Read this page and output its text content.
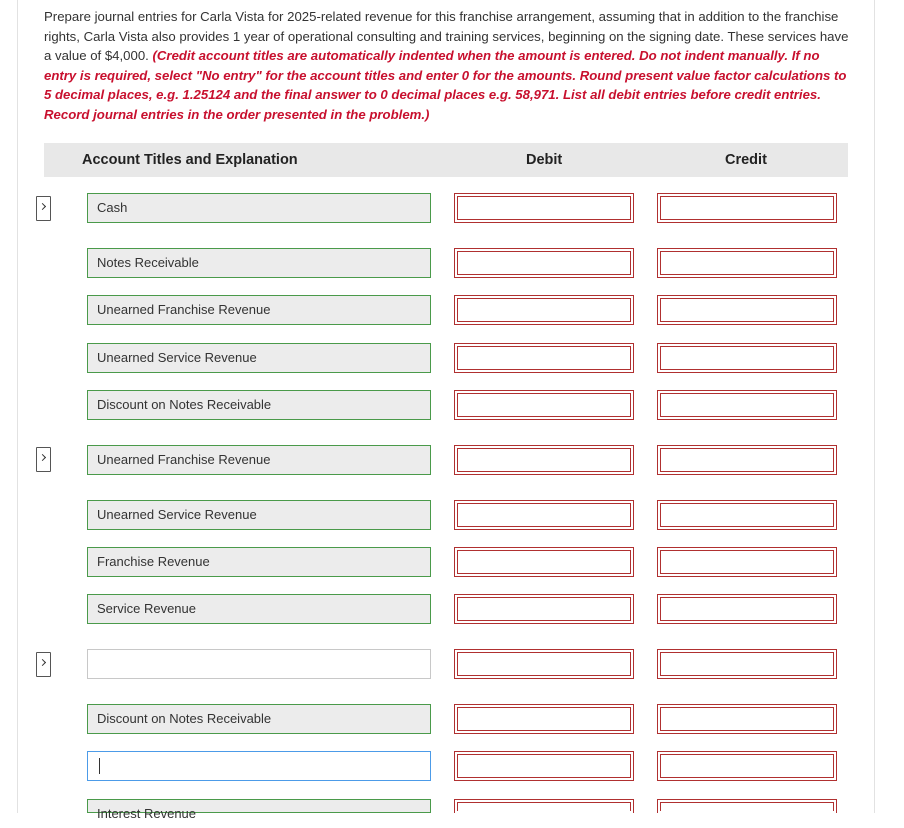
Prepare journal entries for Carla Vista for 2025-related revenue for this franchise arrangement, assuming that in addition to the franchise rights, Carla Vista also provides 1 year of operational consulting and training services, beginning on the signing date. These services have a value of $4,000. (Credit account titles are automatically indented when the amount is entered. Do not indent manually. If no entry is required, select "No entry" for the account titles and enter 0 for the amounts. Round present value factor calculations to 5 decimal places, e.g. 1.25124 and the final answer to 0 decimal places e.g. 58,971. List all debit entries before credit entries. Record journal entries in the order presented in the problem.)
Account Titles and Explanation	Debit	Credit
Cash
Notes Receivable
Unearned Franchise Revenue
Unearned Service Revenue
Discount on Notes Receivable
Unearned Franchise Revenue
Unearned Service Revenue
Franchise Revenue
Service Revenue
Discount on Notes Receivable
Interest Revenue
